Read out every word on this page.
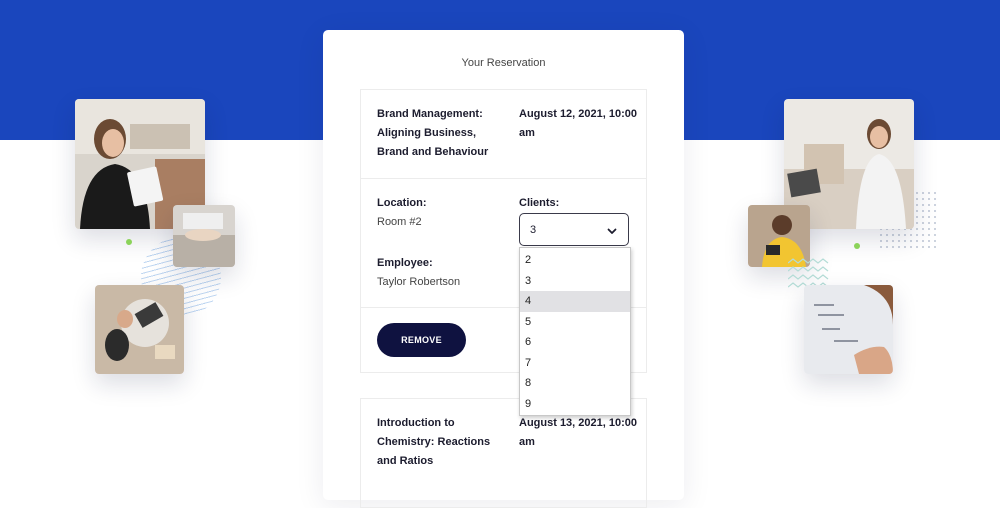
Your Reservation
Brand Management:
Aligning Business,
Brand and Behaviour
August 12, 2021, 10:00
am
Location:
Room #2
Clients:
3
Employee:
Taylor Robertson
REMOVE
Introduction to
Chemistry: Reactions
and Ratios
August 13, 2021, 10:00
am
2
3
4
5
6
7
8
9
